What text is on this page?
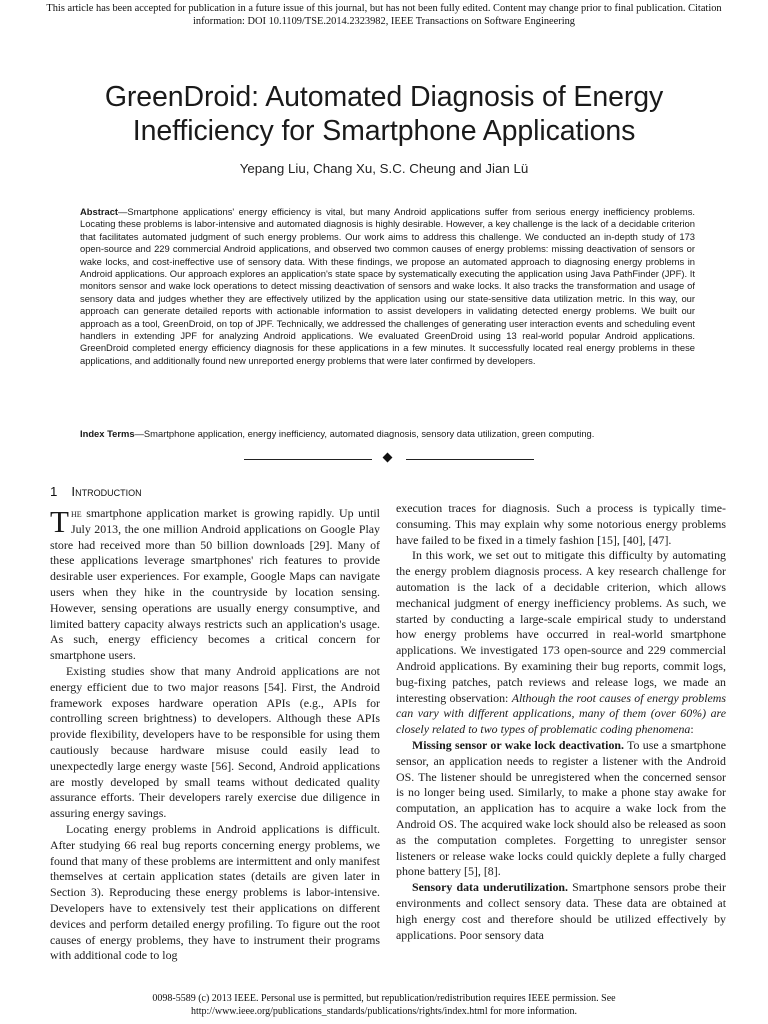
This article has been accepted for publication in a future issue of this journal, but has not been fully edited. Content may change prior to final publication. Citation
information: DOI 10.1109/TSE.2014.2323982, IEEE Transactions on Software Engineering
GreenDroid: Automated Diagnosis of Energy
Inefficiency for Smartphone Applications
Yepang Liu, Chang Xu, S.C. Cheung and Jian Lü
Abstract—Smartphone applications' energy efficiency is vital, but many Android applications suffer from serious energy inefficiency problems. Locating these problems is labor-intensive and automated diagnosis is highly desirable. However, a key challenge is the lack of a decidable criterion that facilitates automated judgment of such energy problems. Our work aims to address this challenge. We conducted an in-depth study of 173 open-source and 229 commercial Android applications, and observed two common causes of energy problems: missing deactivation of sensors or wake locks, and cost-ineffective use of sensory data. With these findings, we propose an automated approach to diagnosing energy problems in Android applications. Our approach explores an application's state space by systematically executing the application using Java PathFinder (JPF). It monitors sensor and wake lock operations to detect missing deactivation of sensors and wake locks. It also tracks the transformation and usage of sensory data and judges whether they are effectively utilized by the application using our state-sensitive data utilization metric. In this way, our approach can generate detailed reports with actionable information to assist developers in validating detected energy problems. We built our approach as a tool, GreenDroid, on top of JPF. Technically, we addressed the challenges of generating user interaction events and scheduling event handlers in extending JPF for analyzing Android applications. We evaluated GreenDroid using 13 real-world popular Android applications. GreenDroid completed energy efficiency diagnosis for these applications in a few minutes. It successfully located real energy problems in these applications, and additionally found new unreported energy problems that were later confirmed by developers.
Index Terms—Smartphone application, energy inefficiency, automated diagnosis, sensory data utilization, green computing.
1 Introduction

The smartphone application market is growing rapidly. Up until July 2013, the one million Android applications on Google Play store had received more than 50 billion downloads [29]. Many of these applications leverage smartphones' rich features to provide desirable user experiences. For example, Google Maps can navigate users when they hike in the countryside by location sensing. However, sensing operations are usually energy consumptive, and limited battery capacity always restricts such an application's usage. As such, energy efficiency becomes a critical concern for smartphone users.

Existing studies show that many Android applications are not energy efficient due to two major reasons [54]. First, the Android framework exposes hardware operation APIs (e.g., APIs for controlling screen brightness) to developers. Although these APIs provide flexibility, developers have to be responsible for using them cautiously because hardware misuse could easily lead to unexpectedly large energy waste [56]. Second, Android applications are mostly developed by small teams without dedicated quality assurance efforts. Their developers rarely exercise due diligence in assuring energy savings.

Locating energy problems in Android applications is difficult. After studying 66 real bug reports concerning energy problems, we found that many of these problems are intermittent and only manifest themselves at certain application states (details are given later in Section 3). Reproducing these energy problems is labor-intensive. Developers have to extensively test their applications on different devices and perform detailed energy profiling. To figure out the root causes of energy problems, they have to instrument their programs with additional code to log

execution traces for diagnosis. Such a process is typically time-consuming. This may explain why some notorious energy problems have failed to be fixed in a timely fashion [15], [40], [47].

In this work, we set out to mitigate this difficulty by automating the energy problem diagnosis process. A key research challenge for automation is the lack of a decidable criterion, which allows mechanical judgment of energy inefficiency problems. As such, we started by conducting a large-scale empirical study to understand how energy problems have occurred in real-world smartphone applications. We investigated 173 open-source and 229 commercial Android applications. By examining their bug reports, commit logs, bug-fixing patches, patch reviews and release logs, we made an interesting observation: Although the root causes of energy problems can vary with different applications, many of them (over 60%) are closely related to two types of problematic coding phenomena:

Missing sensor or wake lock deactivation. To use a smartphone sensor, an application needs to register a listener with the Android OS. The listener should be unregistered when the concerned sensor is no longer being used. Similarly, to make a phone stay awake for computation, an application has to acquire a wake lock from the Android OS. The acquired wake lock should also be released as soon as the computation completes. Forgetting to unregister sensor listeners or release wake locks could quickly deplete a fully charged phone battery [5], [8].

Sensory data underutilization. Smartphone sensors probe their environments and collect sensory data. These data are obtained at high energy cost and therefore should be utilized effectively by applications. Poor sensory data

0098-5589 (c) 2013 IEEE. Personal use is permitted, but republication/redistribution requires IEEE permission. See
http://www.ieee.org/publications_standards/publications/rights/index.html for more information.
